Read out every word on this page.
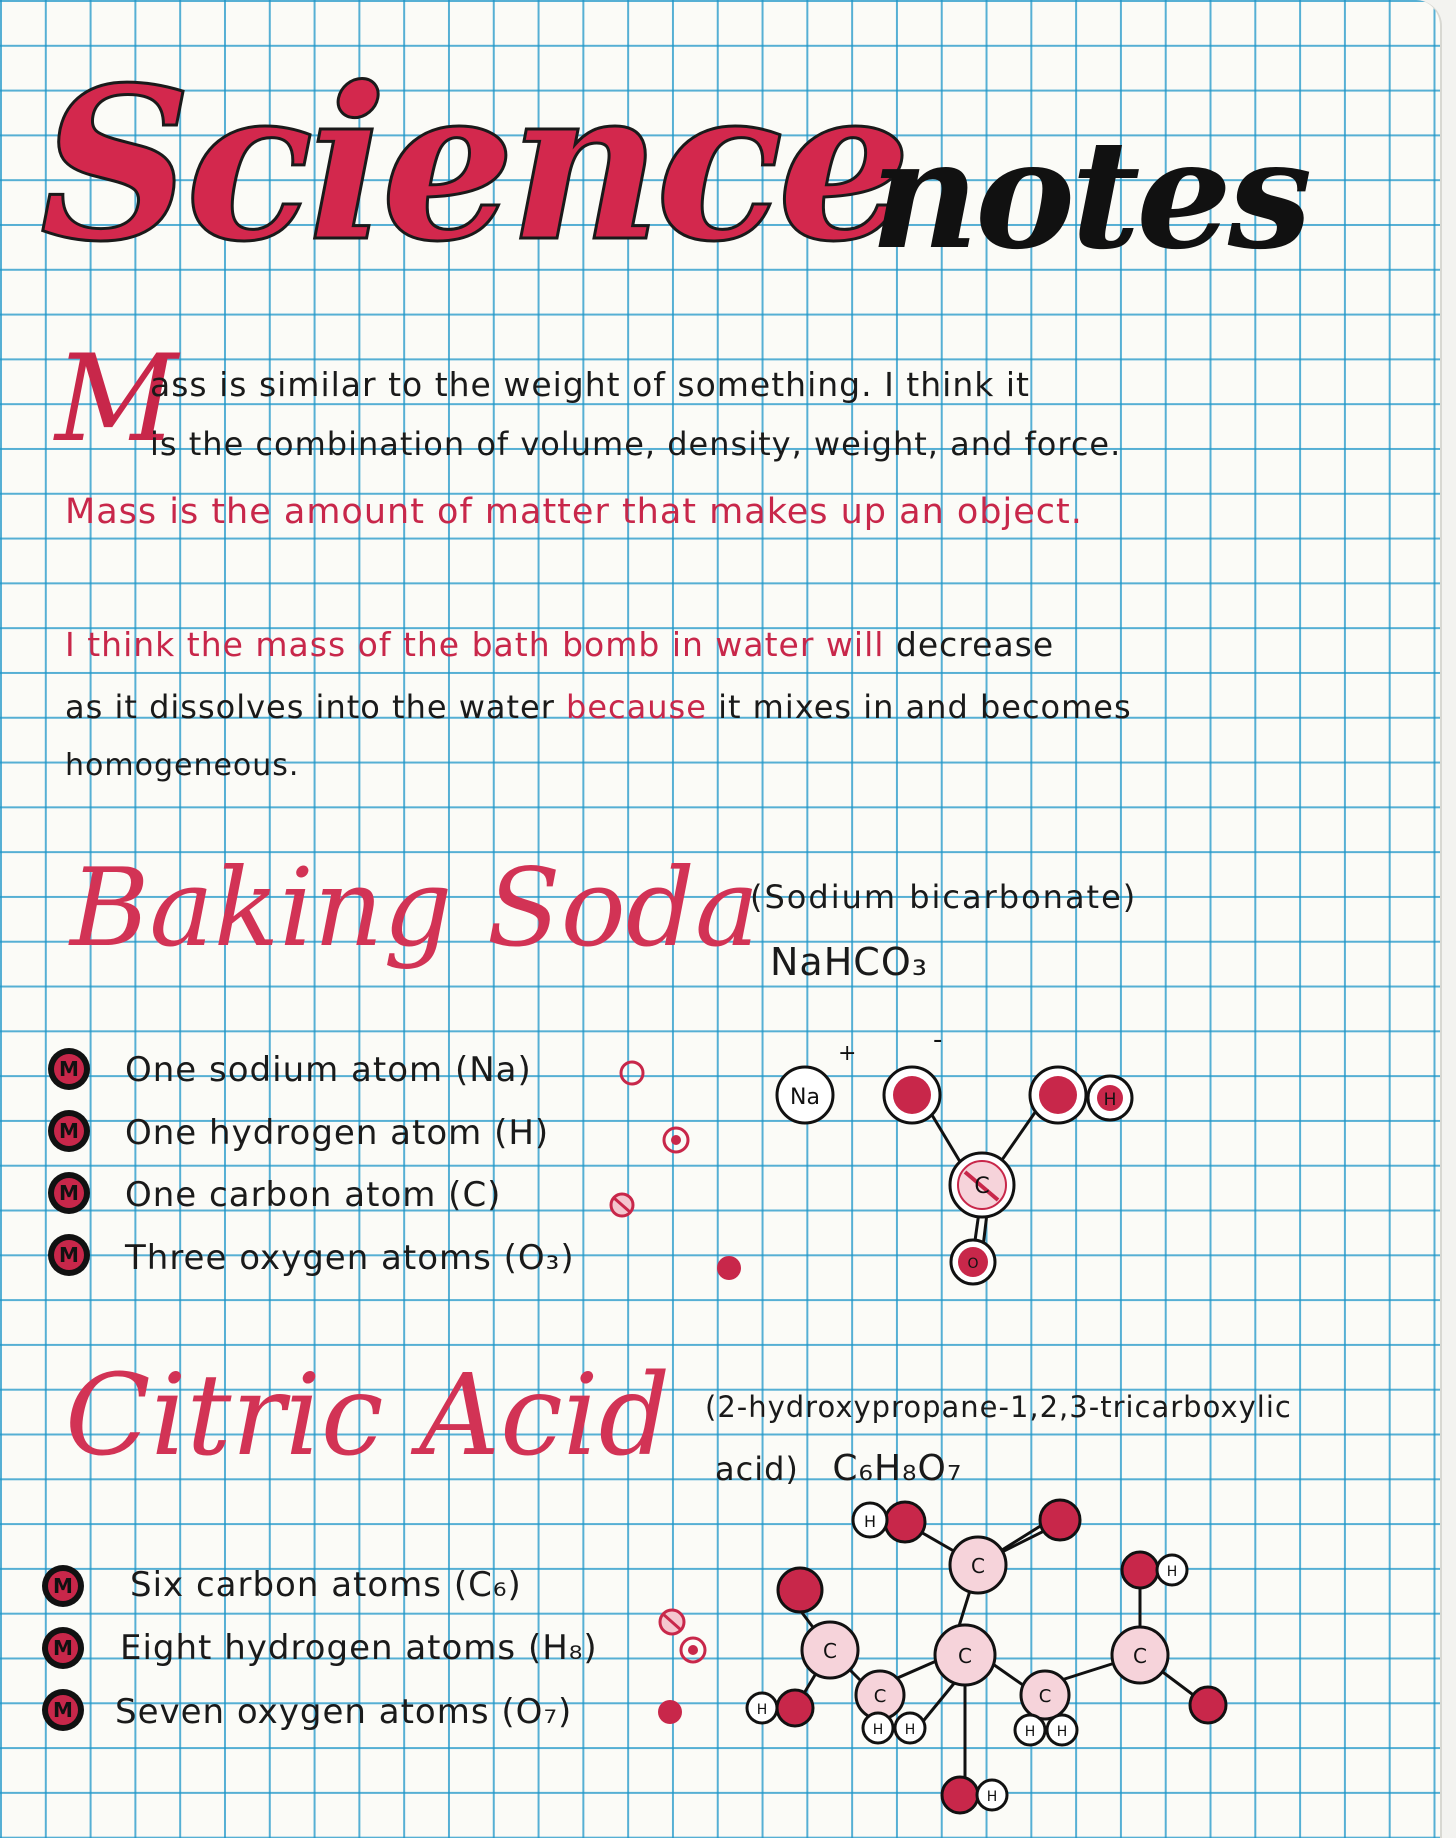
Science
notes
M
ass is similar to the weight of something. I think it
is the combination of volume, density, weight, and force.
Mass is the amount of matter that makes up an object.
I think the mass of the bath bomb in water will decrease
as it dissolves into the water because it mixes in and becomes
homogeneous.
Baking Soda
(Sodium bicarbonate)
NaHCO₃
M One sodium atom (Na)
M One hydrogen atom (H)
M One carbon atom (C)
M Three oxygen atoms (O₃)
Na
+	-
H
C
O
Citric Acid (2-hydroxypropane-1,2,3-tricarboxylic
acid) C₆H₈O₇
M Six carbon atoms (C₆)
M Eight hydrogen atoms (H₈)
M Seven oxygen atoms (O₇)
H
C
C
C
C	C
C
H
H
H H	H H
H
